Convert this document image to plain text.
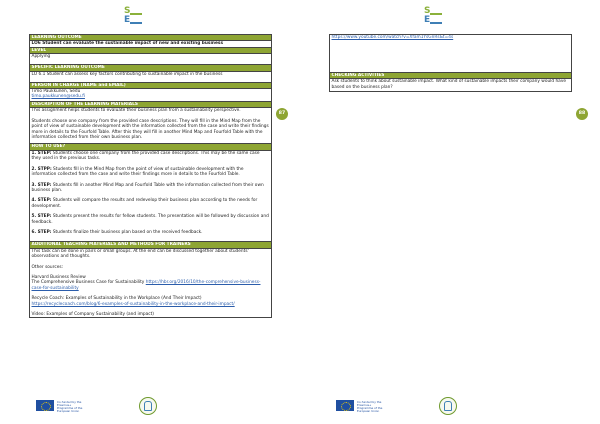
S
E
LEARNING OUTCOME
LO6 Student can evaluate the sustainable impact of new and existing business
LEVEL
Applying
SPECIFIC LEARNING OUTCOME
LO 6.1 Student can assess key factors contributing to sustainable impact in the business
PERSON IN CHARGE (NAME and EMAIL)

Timo Paukkunen, Sedu

timo.paukkunen@sedu.fi

DESCRIPTION OF THE LEARNING MATERIALS

This assignment helps students to evaluate their business plan from a sustainability perspective.

Students choose one company from the provided case descriptions. They will fill in the Mind Map from the point of view of sustainable development with the information collected from the case and write their findings more in details to the Fourfold Table. After this they will fill in another Mind Map and Fourfold Table with the information collected from their own business plan.

HOW TO USE?

1. STEP: Students choose one company from the provided case descriptions. This may be the same case they used in the previous tasks.

2. STPP: Students fill in the Mind Map from the point of view of sustainable development with the information collected from the case and write their findings more in details to the Fourfold Table.

3. STEP: Students fill in another Mind Map and Fourfold Table with the information collected from their own business plan.

4. STEP: Students will compare the results and redevelop their business plan according to the needs for development.

5. STEP: Students present the results for fellow students. The presentation will be followed by discussion and feedback.

6. STEP: Students finalize their business plan based on the received feedback.

ADDITIONAL TEACHING MATERIALS AND METHODS FOR TRAINERS

This task can be done in pairs or small groups. At the end can be discussed together about students' observations and thoughts.

Other sources:

Harvard Business Review

The Comprehensive Business Case for Sustainability https://hbr.org/2016/10/the-comprehensive-business-case-for-sustainability

Recycle Coach: Examples of Sustainability in the Workplace (And Their Impact)

https://recyclecoach.com/blog/6-examples-of-sustainability-in-the-workplace-and-their-impact/

Video: Examples of Company Sustainability (and impact)

87
Co-funded by the Erasmus+ Programme of the European Union
S
E
https://www.youtube.com/watch?v=Xfam1YsGnRs&t=4s
CHECKING ACTIVITIES
Ask students to think about sustainable impact. What kind of sustainable impacts their company would have based on the business plan?
88
Co-funded by the Erasmus+ Programme of the European Union
